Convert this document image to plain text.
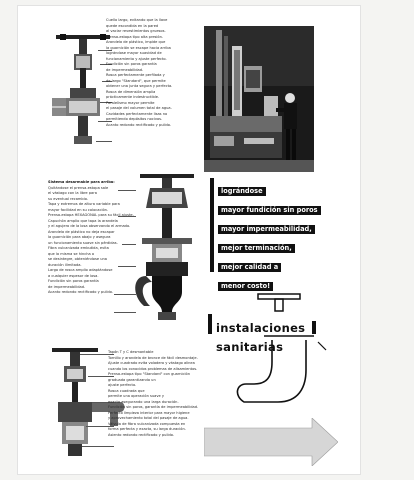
Cuello largo, evitando que la llave
quede escondida en la pared
al vaciar revestimientos gruesos.
Prensa-estopa tipo alta presión.
Arandela de plástico, impide que
la guarnición se escape hacia arriba
lográndose mayor suavidad de
funcionamiento y ajuste perfecto.
Fundición sin poros garantía
de impermeabilidad.
Rosca perfectamente perfilada y
de largo "Standard", que permite
obtener una junta segura y perfecta.
Rosca de dimensión amplia
prácticamente indestructible.
Paralelismo mayor permite
el pasaje del volumen total de agua.
Cavidades perfectamente lisas no
permitiendo depósitos nocivos.
Acanto redondo rectificado y pulido.
Sistema desarmable para arriba:
Quitándose el prensa-estopa sale
el vástago con la libre para
su eventual recambio.
Tapa y extremos de altura variable para
mayor facilidad en su colocación.
Prensa-estopa HEXAGONAL para su fácil ajuste.
Capuchón amplio que tapa la arandela
y el agujero de la losa observando el armado.
Arandela de plástico no deja escapar
la guarnición para abajo y asegura
un funcionamiento suave sin pérdidas.
Fibra vulcanizada embutida, evita
que la misma se hincha o
se desintegre, obteniéndose una
duración ilimitada.
Largo de rosca amplio adaptándose
a cualquier espesor de losa.
Fundición sin poros garantía
de impermeabilidad.
Acanto redondo rectificado y pulido.
lográndose
mayor fundición sin poros
mayor impermeabilidad,
mejor terminación,
mejor calidad a
menor costo!
instalaciones  sanitarias
Tapón T y C desmontable
Tornillo y arandela de bronce de fácil desmontaje.
Ajuste cuadrado evita voladero y vástago alinea
cuando los conocidos problemas de alisamientos.
Prensa-estopa tipo "Standard" con guarnición
graduada garantizando un
ajuste perfecto.
Rosca cuadrada que
permite una operación suave y
exacta asegurando una larga duración.
Fundición sin poros, garantía de impermeabilidad.
Perfecto limpieza interior para mayor higiene
y aprovechamiento total del pasaje de agua.
Válvula de fibra vulcanizada compuesta en
forma perfecta y exacta, su larga duración.
Asiento redondo rectificado y pulido.
